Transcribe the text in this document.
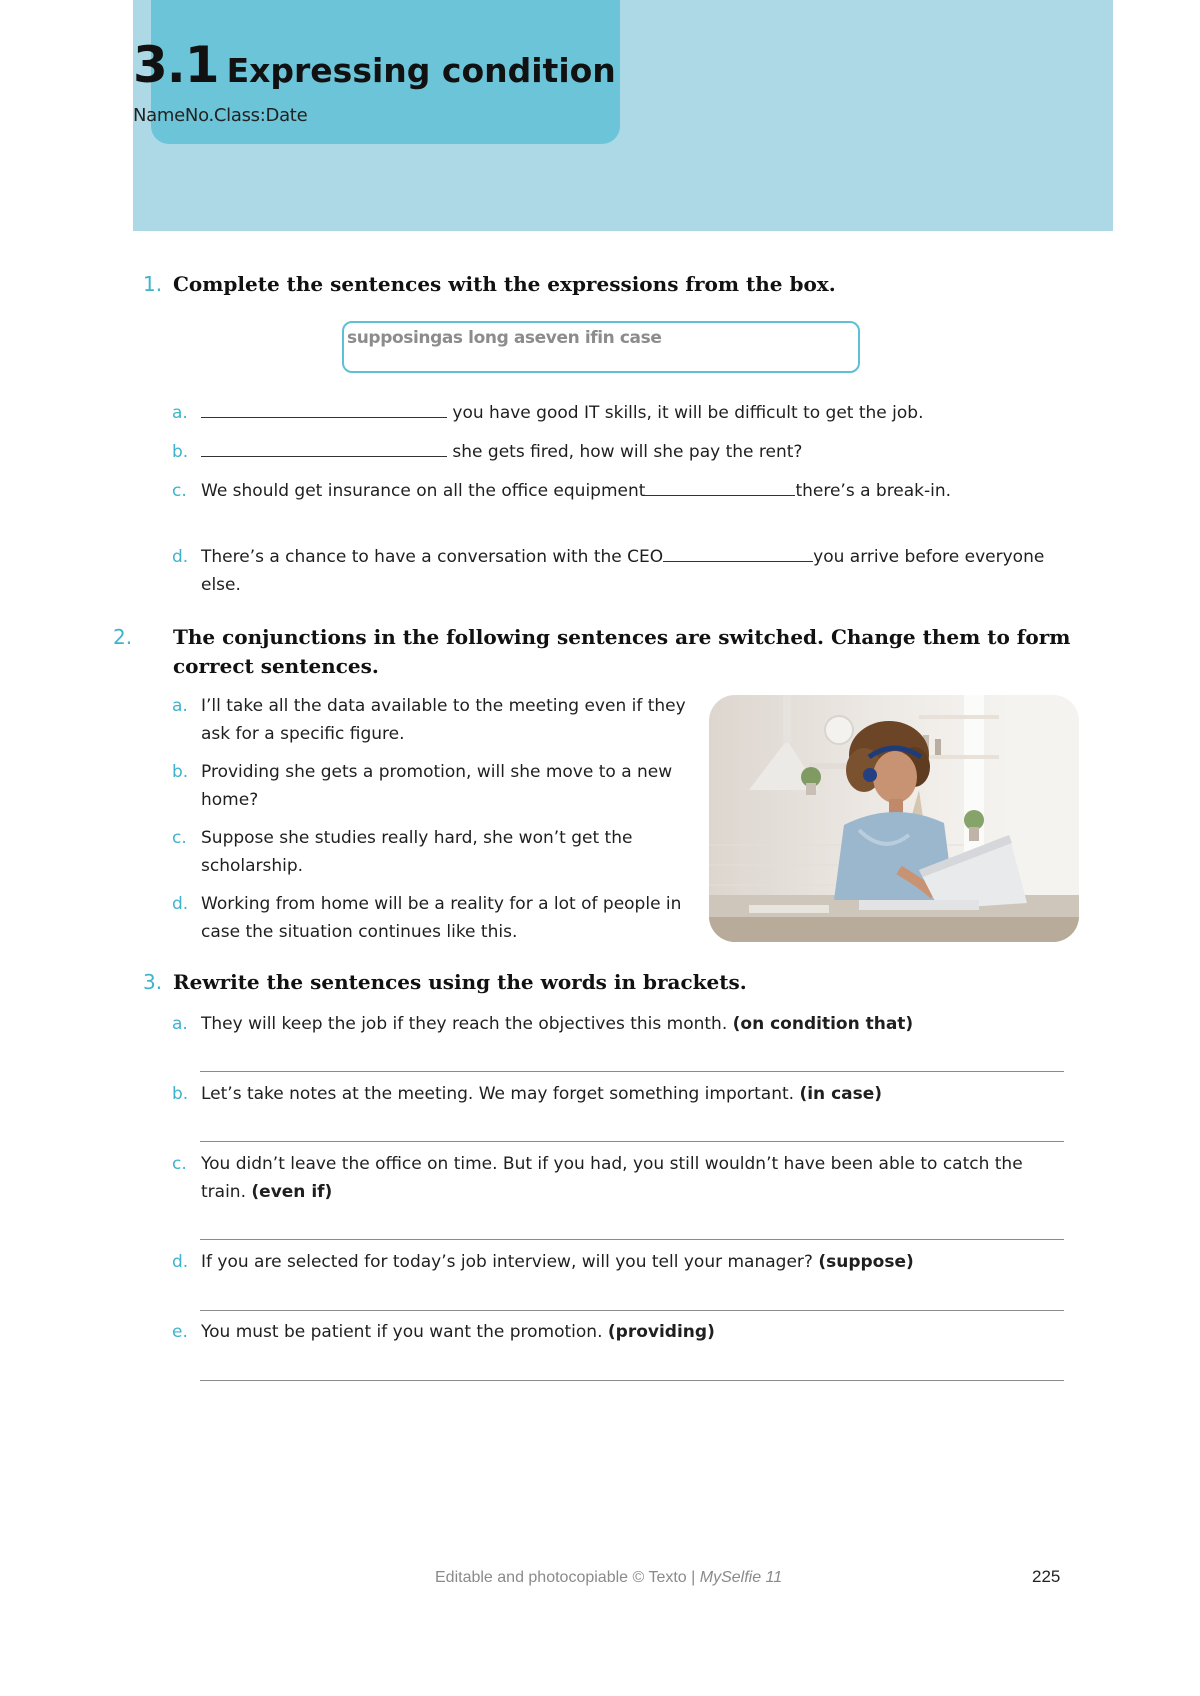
3.1 Expressing condition
NameNo.Class:Date

1. Complete the sentences with the expressions from the box.

supposingas long aseven ifin case

a.	you have good IT skills, it will be difficult to get the job.

b.	she gets fired, how will she pay the rent?

c. We should get insurance on all the office equipment	there’s a break-in.

d. There’s a chance to have a conversation with the CEO	you arrive before everyone else.

2. The conjunctions in the following sentences are switched. Change them to form correct sentences.

a. I’ll take all the data available to the meeting even if they ask for a specific figure.

b. Providing she gets a promotion, will she move to a new home?

c. Suppose she studies really hard, she won’t get the scholarship.

d. Working from home will be a reality for a lot of people in case the situation continues like this.

3. Rewrite the sentences using the words in brackets.

a. They will keep the job if they reach the objectives this month. (on condition that)

b. Let’s take notes at the meeting. We may forget something important. (in case)

c. You didn’t leave the office on time. But if you had, you still wouldn’t have been able to catch the train. (even if)

d. If you are selected for today’s job interview, will you tell your manager? (suppose)

e. You must be patient if you want the promotion. (providing)

Editable and photocopiable © Texto | MySelfie 11	225
